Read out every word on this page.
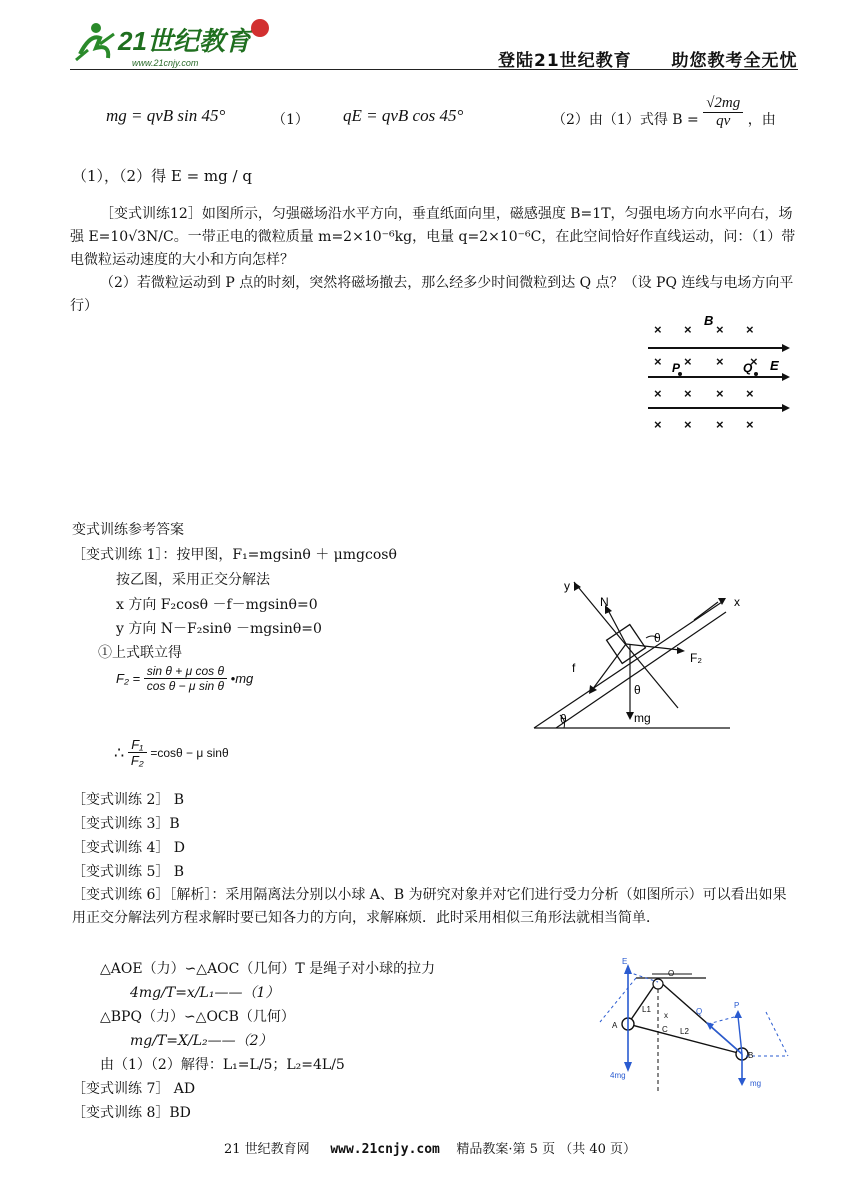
21世纪教育
www.21cnjy.com	登陆21世纪教育 助您教考全无忧
mg = qvB sin 45°	（1） qE = qvB cos 45°	（2）由（1）式得 $B = \frac{√2mg}{qv}$ ，由
（1），（2）得 E = mg / q
［变式训练12］如图所示，匀强磁场沿水平方向，垂直纸面向里，磁感强度 B=1T，匀强电场方向水平向右，场强 E=10√3N/C。一带正电的微粒质量 m=2×10⁻⁶kg，电量 q=2×10⁻⁶C，在此空间恰好作直线运动，问：（1）带电微粒运动速度的大小和方向怎样？
（2）若微粒运动到 P 点的时刻，突然将磁场撤去，那么经多少时间微粒到达 Q 点？（设 PQ 连线与电场方向平行）
× × × ×
× × × ×
× × × ×
× × × ×
B
P	Q E
变式训练参考答案
［变式训练 1］：按甲图，F₁=mgsinθ ＋ μmgcosθ
按乙图，采用正交分解法
x 方向 F₂cosθ －f－mgsinθ=0
y 方向 N－F₂sinθ －mgsinθ=0
①上式联立得
$F_2 = \frac{\text{sin θ + μ cos θ}}{\text{cos θ − μ sin θ}}$ •mg
∴ $\frac{\text{F₁}}{\text{F₂}} =\cos\theta - \mu$ sinθ
y
N	x
θ
F₂
f
θ
mg
θ
［变式训练 2］ B
［变式训练 3］B
［变式训练 4］ D
［变式训练 5］ B
［变式训练 6］［解析］：采用隔离法分别以小球 A、B 为研究对象并对它们进行受力分析（如图所示）可以看出如果用正交分解法列方程求解时要已知各力的方向，求解麻烦．此时采用相似三角形法就相当简单．
△AOE（力）∽△AOC（几何）T 是绳子对小球的拉力
4mg/T=x/L₁——（1）
△BPQ（力）∽△OCB（几何）
mg/T=X/L₂——（2）
由（1）（2）解得：L₁=L/5；L₂=4L/5
［变式训练 7］ AD
［变式训练 8］BD
E
O
A
L1
x
C
Q
L2
P
B
4mg
mg
21 世纪教育网 www.21cnjy.com 精品教案·第 5 页 （共 40 页）
